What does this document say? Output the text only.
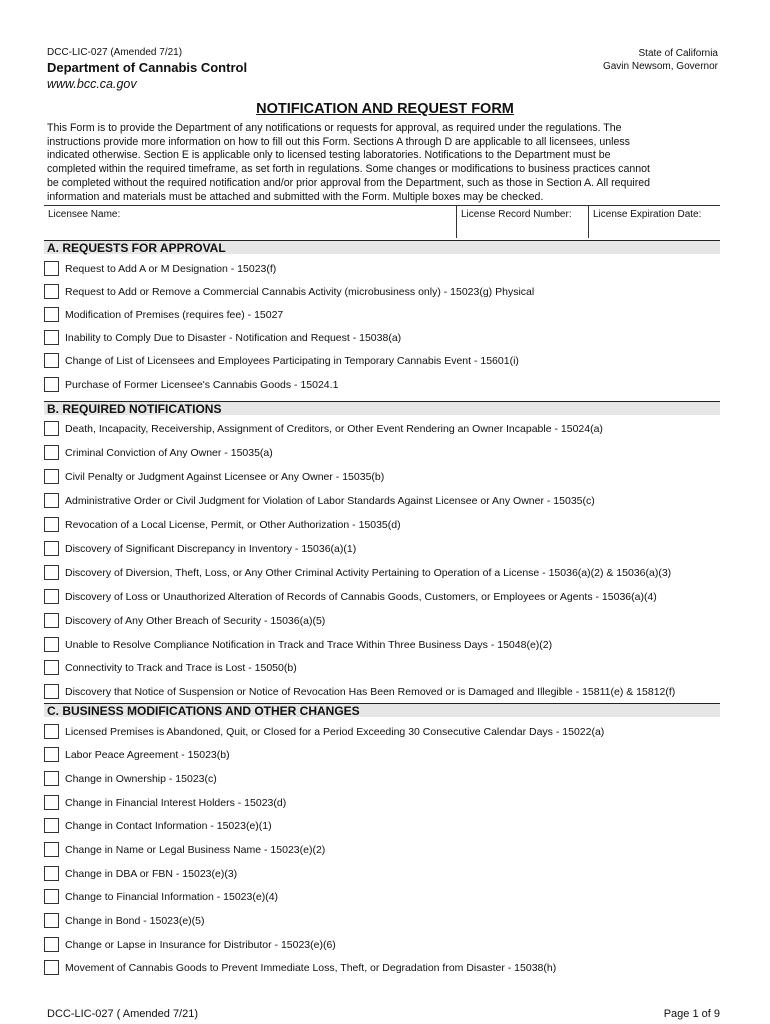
DCC-LIC-027 (Amended 7/21)
Department of Cannabis Control
www.bcc.ca.gov
State of California
Gavin Newsom, Governor
NOTIFICATION AND REQUEST FORM
This Form is to provide the Department of any notifications or requests for approval, as required under the regulations. The
instructions provide more information on how to fill out this Form. Sections A through D are applicable to all licensees, unless
indicated otherwise. Section E is applicable only to licensed testing laboratories. Notifications to the Department must be
completed within the required timeframe, as set forth in regulations. Some changes or modifications to business practices cannot
be completed without the required notification and/or prior approval from the Department, such as those in Section A. All required
information and materials must be attached and submitted with the Form. Multiple boxes may be checked.
Licensee Name:	License Record Number:	License Expiration Date:
A. REQUESTS FOR APPROVAL
Request to Add A or M Designation - 15023(f)
Request to Add or Remove a Commercial Cannabis Activity (microbusiness only) - 15023(g) Physical
Modification of Premises (requires fee) - 15027
Inability to Comply Due to Disaster - Notification and Request - 15038(a)
Change of List of Licensees and Employees Participating in Temporary Cannabis Event - 15601(i)
Purchase of Former Licensee's Cannabis Goods - 15024.1
B. REQUIRED NOTIFICATIONS
Death, Incapacity, Receivership, Assignment of Creditors, or Other Event Rendering an Owner Incapable - 15024(a)
Criminal Conviction of Any Owner - 15035(a)
Civil Penalty or Judgment Against Licensee or Any Owner - 15035(b)
Administrative Order or Civil Judgment for Violation of Labor Standards Against Licensee or Any Owner - 15035(c)
Revocation of a Local License, Permit, or Other Authorization - 15035(d)
Discovery of Significant Discrepancy in Inventory - 15036(a)(1)
Discovery of Diversion, Theft, Loss, or Any Other Criminal Activity Pertaining to Operation of a License - 15036(a)(2) & 15036(a)(3)
Discovery of Loss or Unauthorized Alteration of Records of Cannabis Goods, Customers, or Employees or Agents - 15036(a)(4)
Discovery of Any Other Breach of Security - 15036(a)(5)
Unable to Resolve Compliance Notification in Track and Trace Within Three Business Days - 15048(e)(2)
Connectivity to Track and Trace is Lost - 15050(b)
Discovery that Notice of Suspension or Notice of Revocation Has Been Removed or is Damaged and Illegible - 15811(e) & 15812(f)
C. BUSINESS MODIFICATIONS AND OTHER CHANGES
Licensed Premises is Abandoned, Quit, or Closed for a Period Exceeding 30 Consecutive Calendar Days - 15022(a)
Labor Peace Agreement - 15023(b)
Change in Ownership - 15023(c)
Change in Financial Interest Holders - 15023(d)
Change in Contact Information - 15023(e)(1)
Change in Name or Legal Business Name - 15023(e)(2)
Change in DBA or FBN - 15023(e)(3)
Change to Financial Information - 15023(e)(4)
Change in Bond - 15023(e)(5)
Change or Lapse in Insurance for Distributor - 15023(e)(6)
Movement of Cannabis Goods to Prevent Immediate Loss, Theft, or Degradation from Disaster - 15038(h)
DCC-LIC-027 ( Amended 7/21)	Page 1 of 9
